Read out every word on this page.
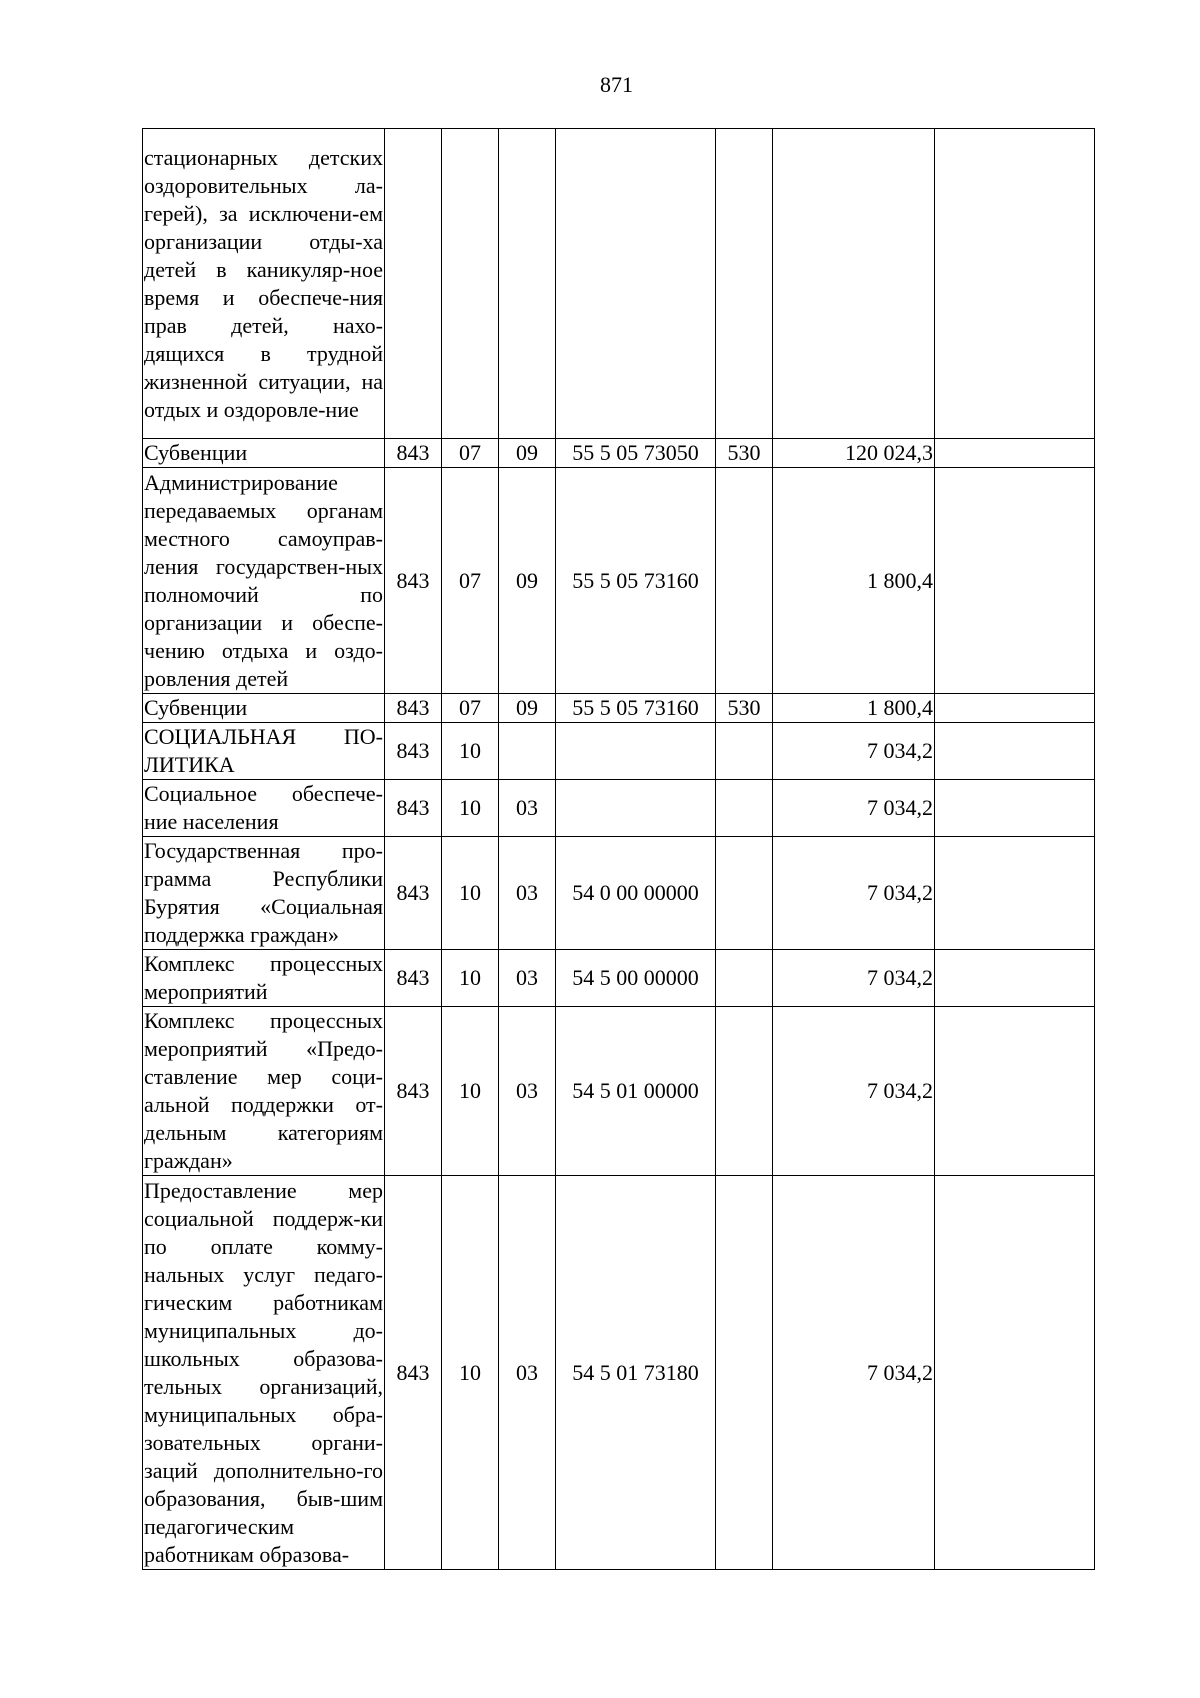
871
стационарных детских оздоровительных ла-герей), за исключени-ем организации отды-ха детей в каникуляр-ное время и обеспече-ния прав детей, нахо-дящихся в трудной жизненной ситуации, на отдых и оздоровле-ние							
Субвенции	843	07	09	55 5 05 73050	530	120 024,3	
Администрирование передаваемых органам местного самоуправ-ления государствен-ных полномочий по организации и обеспе-чению отдыха и оздо-ровления детей	843	07	09	55 5 05 73160		1 800,4	
Субвенции	843	07	09	55 5 05 73160	530	1 800,4	
СОЦИАЛЬНАЯ ПО-ЛИТИКА	843	10				7 034,2	
Социальное обеспече-ние населения	843	10	03			7 034,2	
Государственная про-грамма Республики Бурятия «Социальная поддержка граждан»	843	10	03	54 0 00 00000		7 034,2	
Комплекс процессных мероприятий	843	10	03	54 5 00 00000		7 034,2	
Комплекс процессных мероприятий «Предо-ставление мер соци-альной поддержки от-дельным категориям граждан»	843	10	03	54 5 01 00000		7 034,2	
Предоставление мер социальной поддерж-ки по оплате комму-нальных услуг педаго-гическим работникам муниципальных до-школьных образова-тельных организаций, муниципальных обра-зовательных органи-заций дополнительно-го образования, быв-шим педагогическим работникам образова-	843	10	03	54 5 01 73180		7 034,2	
